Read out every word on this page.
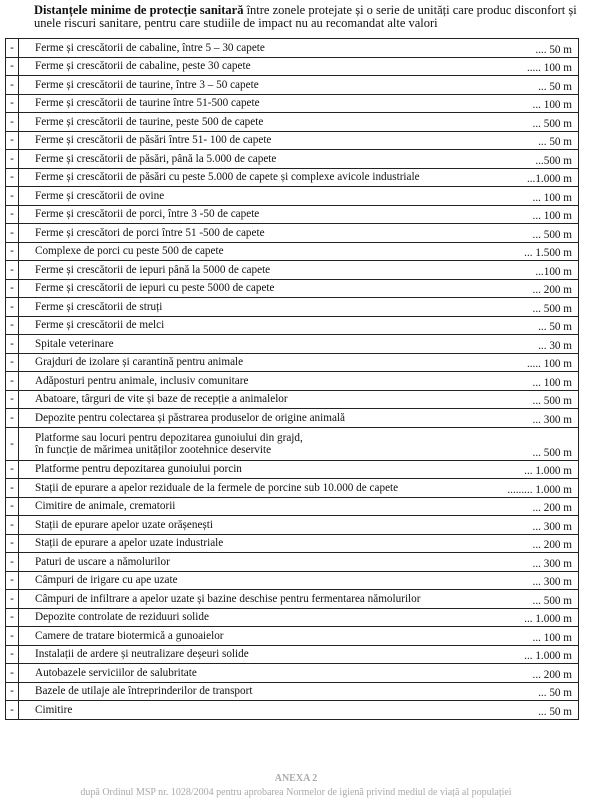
Distanțele minime de protecție sanitară între zonele protejate și o serie de unități care produc disconfort și unele riscuri sanitare, pentru care studiile de impact nu au recomandat alte valori
-	Ferme și crescătorii de cabaline, între 5 – 30 capete .... 50 m

-	Ferme și crescătorii de cabaline, peste 30 capete ..... 100 m

-	Ferme și crescătorii de taurine, între 3 – 50 capete ... 50 m

-	Ferme și crescătorii de taurine între 51-500 capete ... 100 m

-	Ferme și crescătorii de taurine, peste 500 de capete ... 500 m

-	Ferme și crescătorii de păsări între 51- 100 de capete ... 50 m

-	Ferme și crescătorii de păsări, până la 5.000 de capete ...500 m

-	Ferme și crescătorii de păsări cu peste 5.000 de capete și complexe avicole industriale ...1.000 m

-	Ferme și crescătorii de ovine ... 100 m

-	Ferme și crescătorii de porci, între 3 -50 de capete ... 100 m

-	Ferme și crescători de porci între 51 -500 de capete ... 500 m

-	Complexe de porci cu peste 500 de capete ... 1.500 m

-	Ferme și crescătorii de iepuri până la 5000 de capete ...100 m

-	Ferme și crescătorii de iepuri cu peste 5000 de capete ... 200 m

-	Ferme și crescătorii de struți ... 500 m

-	Ferme și crescătorii de melci ... 50 m

-	Spitale veterinare ... 30 m

-	Grajduri de izolare și carantină pentru animale ..... 100 m

-	Adăposturi pentru animale, inclusiv comunitare ... 100 m

-	Abatoare, târguri de vite și baze de recepție a animalelor ... 500 m

-	Depozite pentru colectarea și păstrarea produselor de origine animală ... 300 m

-	Platforme sau locuri pentru depozitarea gunoiului din grajd,
în funcție de mărimea unităților zootehnice deservite ... 500 m

-	Platforme pentru depozitarea gunoiului porcin ... 1.000 m

-	Stații de epurare a apelor reziduale de la fermele de porcine sub 10.000 de capete ......... 1.000 m

-	Cimitire de animale, crematorii ... 200 m

-	Stații de epurare apelor uzate orășenești ... 300 m

-	Stații de epurare a apelor uzate industriale ... 200 m

-	Paturi de uscare a nămolurilor ... 300 m

-	Câmpuri de irigare cu ape uzate ... 300 m

-	Câmpuri de infiltrare a apelor uzate și bazine deschise pentru fermentarea nămolurilor ... 500 m

-	Depozite controlate de reziduuri solide ... 1.000 m

-	Camere de tratare biotermică a gunoaielor ... 100 m

-	Instalații de ardere și neutralizare deșeuri solide ... 1.000 m

-	Autobazele serviciilor de salubritate ... 200 m

-	Bazele de utilaje ale întreprinderilor de transport ... 50 m

-	Cimitire ... 50 m
ANEXA 2
după Ordinul MSP nr. 1028/2004 pentru aprobarea Normelor de igienă privind mediul de viață al populației
